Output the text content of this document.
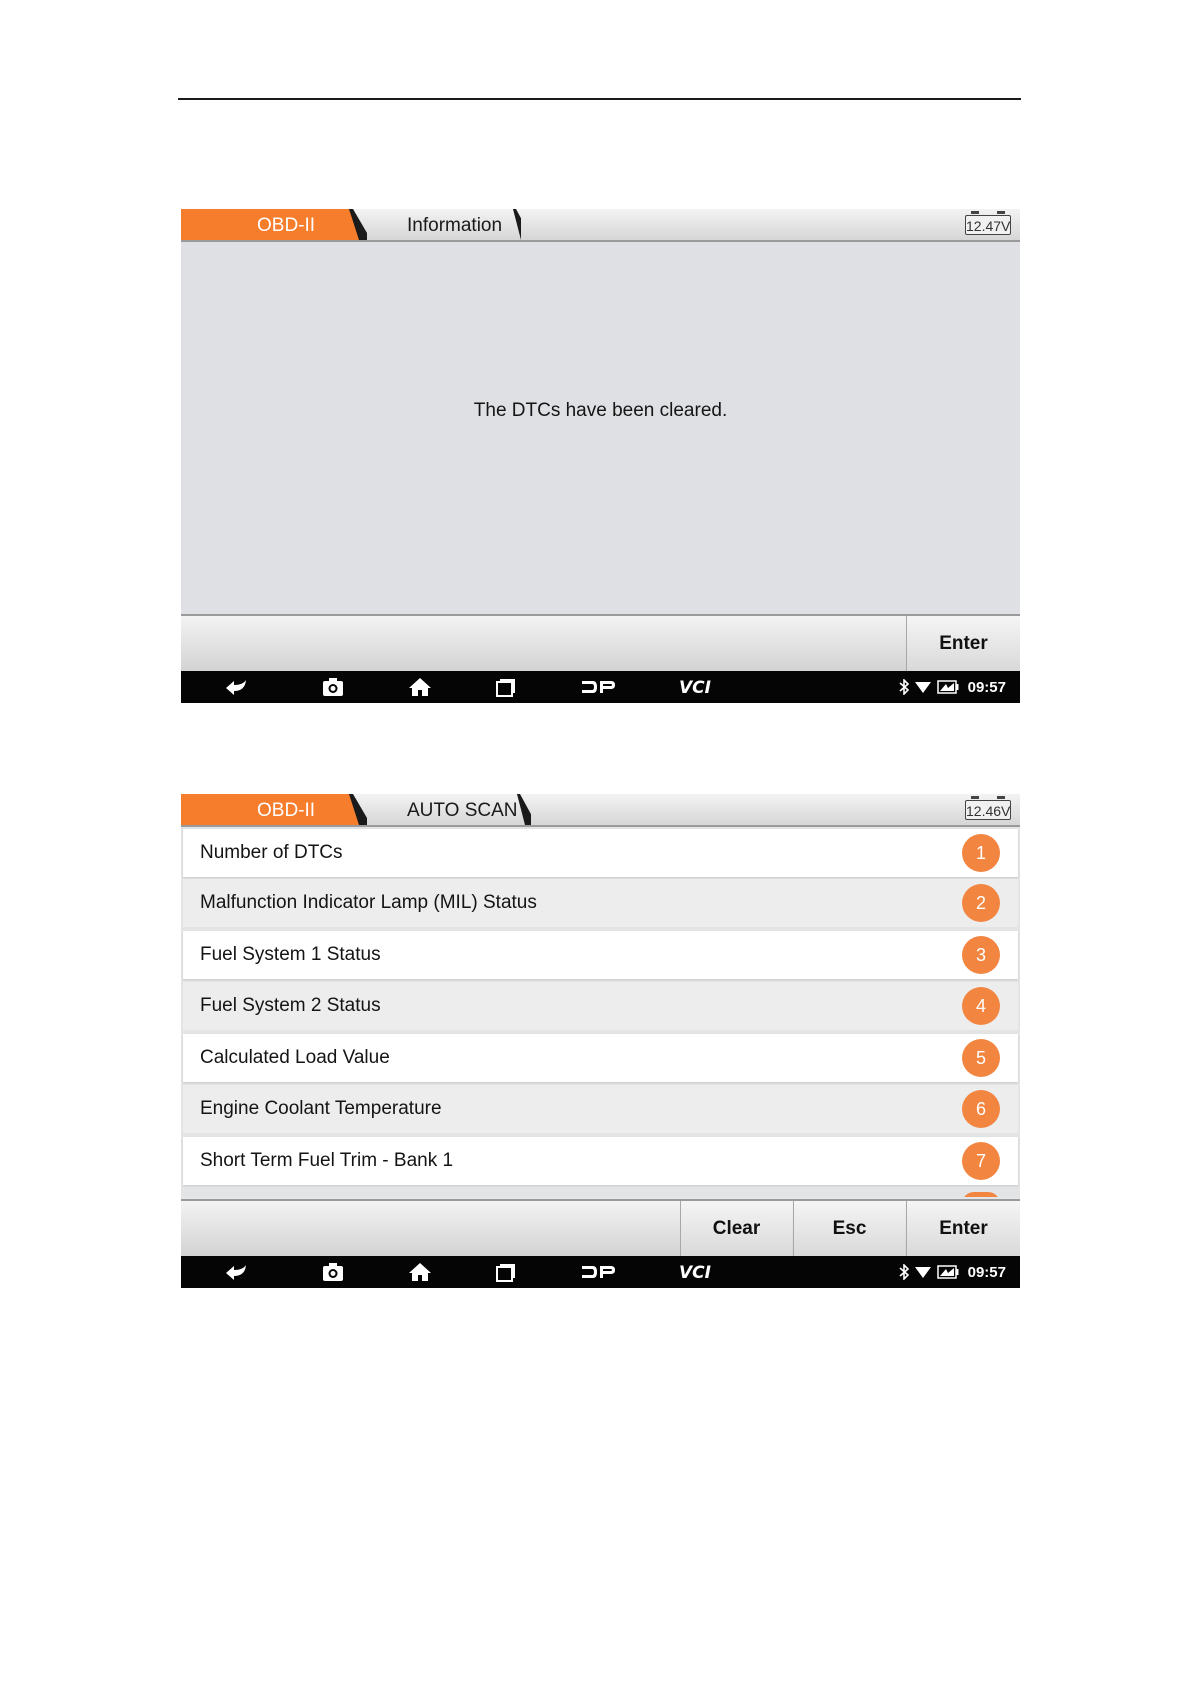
OBD-II	Information	12.47V
The DTCs have been cleared.
Enter
VCI	09:57
OBD-II	AUTO SCAN	12.46V
Number of DTCs	1
Malfunction Indicator Lamp (MIL) Status	2
Fuel System 1 Status	3
Fuel System 2 Status	4
Calculated Load Value	5
Engine Coolant Temperature	6
Short Term Fuel Trim - Bank 1	7
Clear	Esc	Enter
VCI	09:57
